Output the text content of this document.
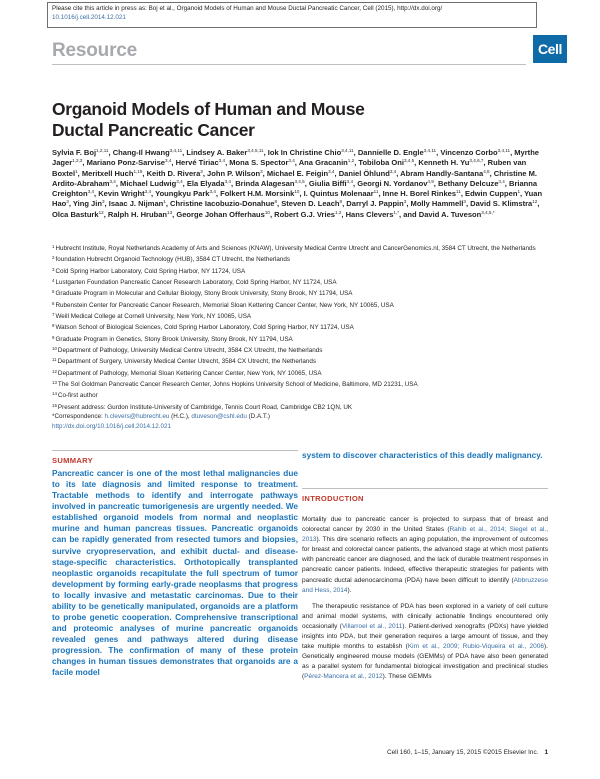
Please cite this article in press as: Boj et al., Organoid Models of Human and Mouse Ductal Pancreatic Cancer, Cell (2015), http://dx.doi.org/
10.1016/j.cell.2014.12.021
Resource	Cell
Organoid Models of Human and Mouse
Ductal Pancreatic Cancer
Sylvia F. Boj$^{1,2,11}$, Chang-Il Hwang$^{3,4,11}$, Lindsey A. Baker$^{3,4,5,11}$, Iok In Christine Chio$^{3,4,11}$, Dannielle D. Engle$^{3,4,11}$, Vincenzo Corbo$^{3,4,11}$, Myrthe Jager$^{1,2,3}$, Mariano Ponz-Sarvise$^{3,4}$, Hervé Tiriac$^{3,4}$, Mona S. Spector$^{3,4}$, Ana Gracanin$^{1,2}$, Tobiloba Oni$^{3,4,5}$, Kenneth H. Yu$^{3,4,6,7}$, Ruben van Boxtel$^1$, Meritxell Huch$^{1,15}$, Keith D. Rivera$^3$, John P. Wilson$^3$, Michael E. Feigin$^{3,4}$, Daniel Öhlund$^{3,4}$, Abram Handly-Santana$^{4,8}$, Christine M. Ardito-Abraham$^{3,4}$, Michael Ludwig$^{3,4}$, Ela Elyada$^{3,4}$, Brinda Alagesan$^{3,4,5}$, Giulia Biffi$^{3,4}$, Georgi N. Yordanov$^{4,9}$, Bethany Delcuze$^{3,4}$, Brianna Creighton$^{3,4}$, Kevin Wright$^{3,4}$, Youngkyu Park$^{3,4}$, Folkert H.M. Morsink$^{10}$, I. Quintus Molenaar$^{11}$, Inne H. Borel Rinkes$^{11}$, Edwin Cuppen$^1$, Yuan Hao$^3$, Ying Jin$^3$, Isaac J. Nijman$^1$, Christine Iacobuzio-Donahue$^8$, Steven D. Leach$^8$, Darryl J. Pappin$^3$, Molly Hammell$^3$, David S. Klimstra$^{12}$, Olca Basturk$^{12}$, Ralph H. Hruban$^{13}$, George Johan Offerhaus$^{10}$, Robert G.J. Vries$^{1,2}$, Hans Clevers$^{1,*}$, and David A. Tuveson$^{3,4,5,*}$
$^1$Hubrecht Institute, Royal Netherlands Academy of Arts and Sciences (KNAW), University Medical Centre Utrecht and CancerGenomics.nl, 3584 CT Utrecht, the Netherlands
$^2$foundation Hubrecht Organoid Technology (HUB), 3584 CT Utrecht, the Netherlands
$^3$Cold Spring Harbor Laboratory, Cold Spring Harbor, NY 11724, USA
$^4$Lustgarten Foundation Pancreatic Cancer Research Laboratory, Cold Spring Harbor, NY 11724, USA
$^5$Graduate Program in Molecular and Cellular Biology, Stony Brook University, Stony Brook, NY 11794, USA
$^6$Rubenstein Center for Pancreatic Cancer Research, Memorial Sloan Kettering Cancer Center, New York, NY 10065, USA
$^7$Weill Medical College at Cornell University, New York, NY 10065, USA
$^8$Watson School of Biological Sciences, Cold Spring Harbor Laboratory, Cold Spring Harbor, NY 11724, USA
$^9$Graduate Program in Genetics, Stony Brook University, Stony Brook, NY 11794, USA
$^{10}$Department of Pathology, University Medical Centre Utrecht, 3584 CX Utrecht, the Netherlands
$^{11}$Department of Surgery, University Medical Center Utrecht, 3584 CX Utrecht, the Netherlands
$^{12}$Department of Pathology, Memorial Sloan Kettering Cancer Center, New York, NY 10065, USA
$^{13}$The Sol Goldman Pancreatic Cancer Research Center, Johns Hopkins University School of Medicine, Baltimore, MD 21231, USA
$^{14}$Co-first author
$^{15}$Present address: Gurdon Institute-University of Cambridge, Tennis Court Road, Cambridge CB2 1QN, UK
*Correspondence: h.clevers@hubrecht.eu (H.C.), dtuveson@cshl.edu (D.A.T.)
http://dx.doi.org/10.1016/j.cell.2014.12.021
SUMMARY
Pancreatic cancer is one of the most lethal malignancies due to its late diagnosis and limited response to treatment. Tractable methods to identify and interrogate pathways involved in pancreatic tumorigenesis are urgently needed. We established organoid models from normal and neoplastic murine and human pancreas tissues. Pancreatic organoids can be rapidly generated from resected tumors and biopsies, survive cryopreservation, and exhibit ductal- and disease-stage-specific characteristics. Orthotopically transplanted neoplastic organoids recapitulate the full spectrum of tumor development by forming early-grade neoplasms that progress to locally invasive and metastatic carcinomas. Due to their ability to be genetically manipulated, organoids are a platform to probe genetic cooperation. Comprehensive transcriptional and proteomic analyses of murine pancreatic organoids revealed genes and pathways altered during disease progression. The confirmation of many of these protein changes in human tissues demonstrates that organoids are a facile model
system to discover characteristics of this deadly malignancy.
INTRODUCTION

Mortality due to pancreatic cancer is projected to surpass that of breast and colorectal cancer by 2030 in the United States (Rahib et al., 2014; Siegel et al., 2013). This dire scenario reflects an aging population, the improvement of outcomes for breast and colorectal cancer patients, the advanced stage at which most patients with pancreatic cancer are diagnosed, and the lack of durable treatment responses in pancreatic cancer patients. Indeed, effective therapeutic strategies for patients with pancreatic ductal adenocarcinoma (PDA) have been difficult to identify (Abbruzzese and Hess, 2014).

The therapeutic resistance of PDA has been explored in a variety of cell culture and animal model systems, with clinically actionable findings encountered only occasionally (Villarroel et al., 2011). Patient-derived xenografts (PDXs) have yielded insights into PDA, but their generation requires a large amount of tissue, and they take multiple months to establish (Kim et al., 2009; Rubio-Viqueira et al., 2006). Genetically engineered mouse models (GEMMs) of PDA have also been generated as a parallel system for fundamental biological investigation and preclinical studies (Pérez-Mancera et al., 2012). These GEMMs

Cell 160, 1–15, January 15, 2015 ©2015 Elsevier Inc. 1
